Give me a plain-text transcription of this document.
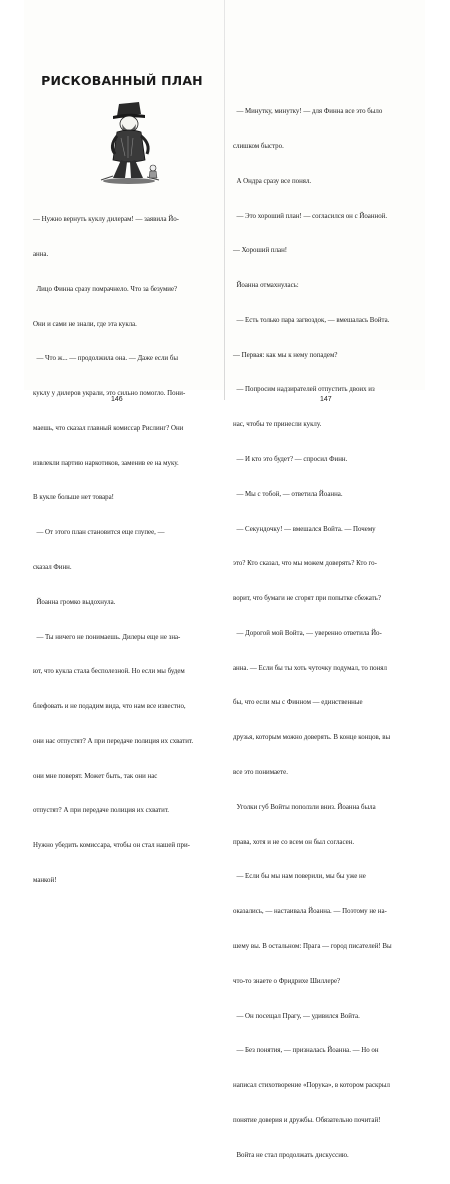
РИСКОВАННЫЙ ПЛАН

— Нужно вернуть куклу дилерам! — заявила Йо-

анна.

Лицо Финна сразу помрачнело. Что за безумие?

Они и сами не знали, где эта кукла.

— Что ж... — продолжила она. — Даже если бы

куклу у дилеров украли, это сильно помогло. Пони-

маешь, что сказал главный комиссар Рислинг? Они

извлекли партию наркотиков, заменив ее на муку.

В кукле больше нет товара!

— От этого план становится еще глупее, —

сказал Финн.

Йоанна громко выдохнула.

— Ты ничего не понимаешь. Дилеры еще не зна-

ют, что кукла стала бесполезной. Но если мы будем

блефовать и не подадим вида, что нам все известно,

они нас отпустят? А при передаче полиция их схватит.

они мне поверят. Может быть, так они нас

отпустят? А при передаче полиция их схватит.

Нужно убедить комиссара, чтобы он стал нашей при-

манкой!

— Минутку, минутку! — для Финна все это было

слишком быстро.

А Ондра сразу все понял.

— Это хороший план! — согласился он с Йоанной.

— Хороший план!

Йоанна отмахнулась:

— Есть только пара загвоздок, — вмешалась Войта.

— Первая: как мы к нему попадем?

— Попросим надзирателей отпустить двоих из

нас, чтобы те принесли куклу.

— И кто это будет? — спросил Финн.

— Мы с тобой, — ответила Йоанна.

— Секундочку! — вмешался Войта. — Почему

это? Кто сказал, что мы можем доверять? Кто го-

ворит, что бумаги не сгорят при попытке сбежать?

— Дорогой мой Войта, — уверенно ответила Йо-

анна. — Если бы ты хоть чуточку подумал, то понял

бы, что если мы с Финном — единственные

друзья, которым можно доверять. В конце концов, вы

все это понимаете.

Уголки губ Войты поползли вниз. Йоанна была

права, хотя и не со всем он был согласен.

— Если бы мы нам поверили, мы бы уже не

оказались, — настаивала Йоанна. — Поэтому не на-

шему вы. В остальном: Прага — город писателей! Вы

что-то знаете о Фридрихе Шиллере?

— Он посещал Прагу, — удивился Войта.

— Без понятия, — призналась Йоанна. — Но он

написал стихотворение «Порука», в котором раскрыл

понятие доверия и дружбы. Обязательно почитай!

Войта не стал продолжать дискуссию.

146	147
